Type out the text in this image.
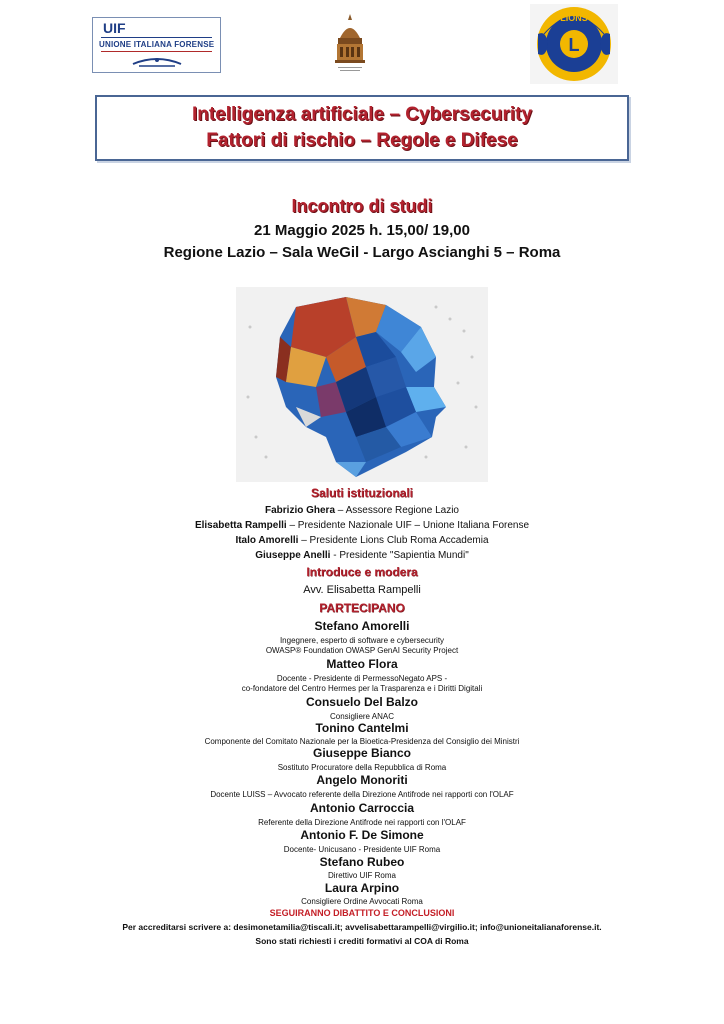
UIF
UNIONE ITALIANA FORENSE	L
LIONS
Intelligenza artificiale – Cybersecurity
Fattori di rischio – Regole e Difese
Incontro di studi
21 Maggio 2025 h. 15,00/ 19,00
Regione Lazio – Sala WeGil - Largo Ascianghi 5 – Roma
Saluti istituzionali
Fabrizio Ghera – Assessore Regione Lazio
Elisabetta Rampelli – Presidente Nazionale UIF – Unione Italiana Forense
Italo Amorelli – Presidente Lions Club Roma Accademia
Giuseppe Anelli - Presidente "Sapientia Mundi"
Introduce e modera
Avv. Elisabetta Rampelli
PARTECIPANO
Stefano Amorelli
Ingegnere, esperto di software e cybersecurity
OWASP® Foundation OWASP GenAI Security Project
Matteo Flora
Docente - Presidente di PermessoNegato APS -
co-fondatore del Centro Hermes per la Trasparenza e i Diritti Digitali
Consuelo Del Balzo
Consigliere ANAC
Tonino Cantelmi
Componente del Comitato Nazionale per la Bioetica-Presidenza del Consiglio dei Ministri
Giuseppe Bianco
Sostituto Procuratore della Repubblica di Roma
Angelo Monoriti
Docente LUISS – Avvocato referente della Direzione Antifrode nei rapporti con l'OLAF
Antonio Carroccia
Referente della Direzione Antifrode nei rapporti con l'OLAF
Antonio F. De Simone
Docente- Unicusano - Presidente UIF Roma
Stefano Rubeo
Direttivo UIF Roma
Laura Arpino
Consigliere Ordine Avvocati Roma
SEGUIRANNO DIBATTITO E CONCLUSIONI
Per accreditarsi scrivere a: desimonetamilia@tiscali.it; avvelisabettarampelli@virgilio.it; info@unioneitalianaforense.it.
Sono stati richiesti i crediti formativi al COA di Roma
